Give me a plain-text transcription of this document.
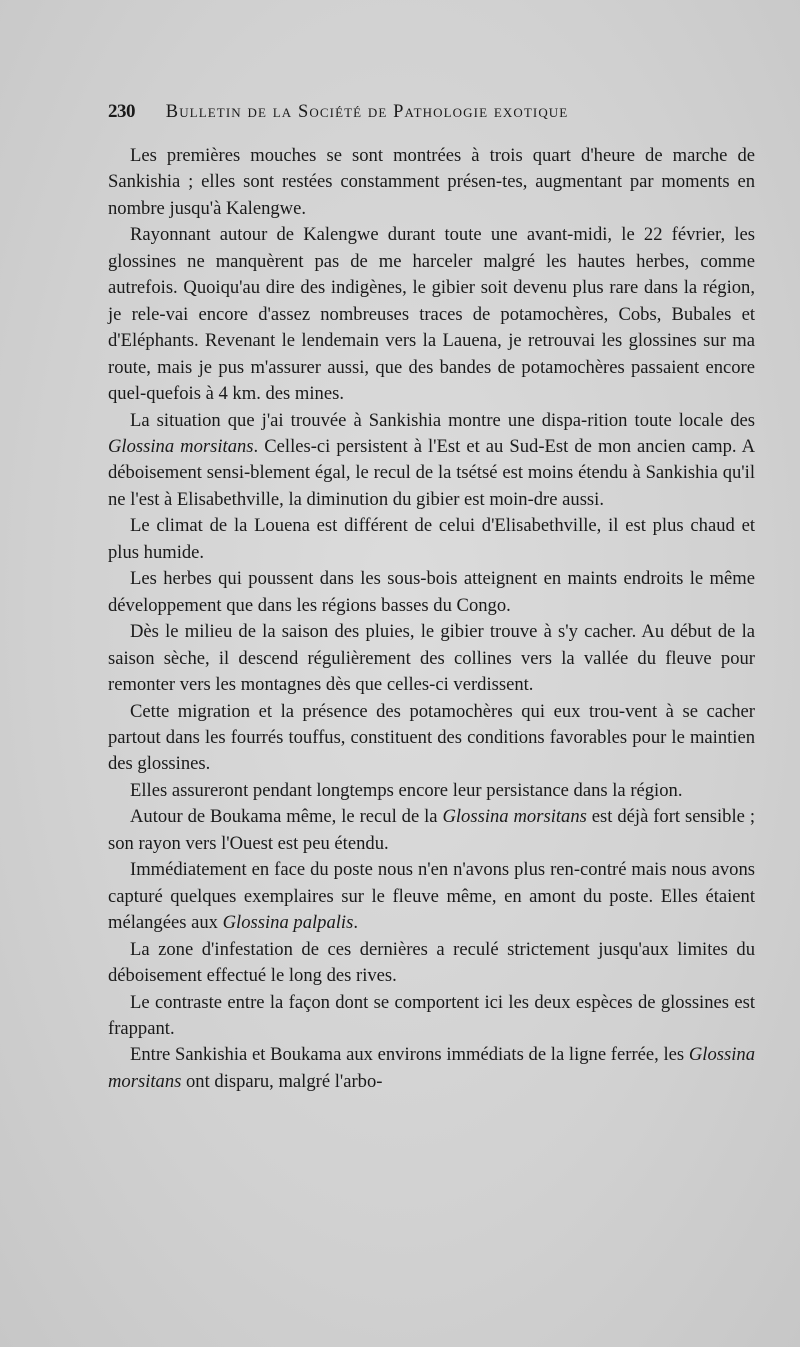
230 Bulletin de la Société de Pathologie exotique

Les premières mouches se sont montrées à trois quart d'heure de marche de Sankishia ; elles sont restées constamment présen-tes, augmentant par moments en nombre jusqu'à Kalengwe.

Rayonnant autour de Kalengwe durant toute une avant-midi, le 22 février, les glossines ne manquèrent pas de me harceler malgré les hautes herbes, comme autrefois. Quoiqu'au dire des indigènes, le gibier soit devenu plus rare dans la région, je rele-vai encore d'assez nombreuses traces de potamochères, Cobs, Bubales et d'Eléphants. Revenant le lendemain vers la Lauena, je retrouvai les glossines sur ma route, mais je pus m'assurer aussi, que des bandes de potamochères passaient encore quel-quefois à 4 km. des mines.

La situation que j'ai trouvée à Sankishia montre une dispa-rition toute locale des Glossina morsitans. Celles-ci persistent à l'Est et au Sud-Est de mon ancien camp. A déboisement sensi-blement égal, le recul de la tsétsé est moins étendu à Sankishia qu'il ne l'est à Elisabethville, la diminution du gibier est moin-dre aussi.

Le climat de la Louena est différent de celui d'Elisabethville, il est plus chaud et plus humide.

Les herbes qui poussent dans les sous-bois atteignent en maints endroits le même développement que dans les régions basses du Congo.

Dès le milieu de la saison des pluies, le gibier trouve à s'y cacher. Au début de la saison sèche, il descend régulièrement des collines vers la vallée du fleuve pour remonter vers les montagnes dès que celles-ci verdissent.

Cette migration et la présence des potamochères qui eux trou-vent à se cacher partout dans les fourrés touffus, constituent des conditions favorables pour le maintien des glossines.

Elles assureront pendant longtemps encore leur persistance dans la région.

Autour de Boukama même, le recul de la Glossina morsitans est déjà fort sensible ; son rayon vers l'Ouest est peu étendu.

Immédiatement en face du poste nous n'en n'avons plus ren-contré mais nous avons capturé quelques exemplaires sur le fleuve même, en amont du poste. Elles étaient mélangées aux Glossina palpalis.

La zone d'infestation de ces dernières a reculé strictement jusqu'aux limites du déboisement effectué le long des rives.

Le contraste entre la façon dont se comportent ici les deux espèces de glossines est frappant.

Entre Sankishia et Boukama aux environs immédiats de la ligne ferrée, les Glossina morsitans ont disparu, malgré l'arbo-
